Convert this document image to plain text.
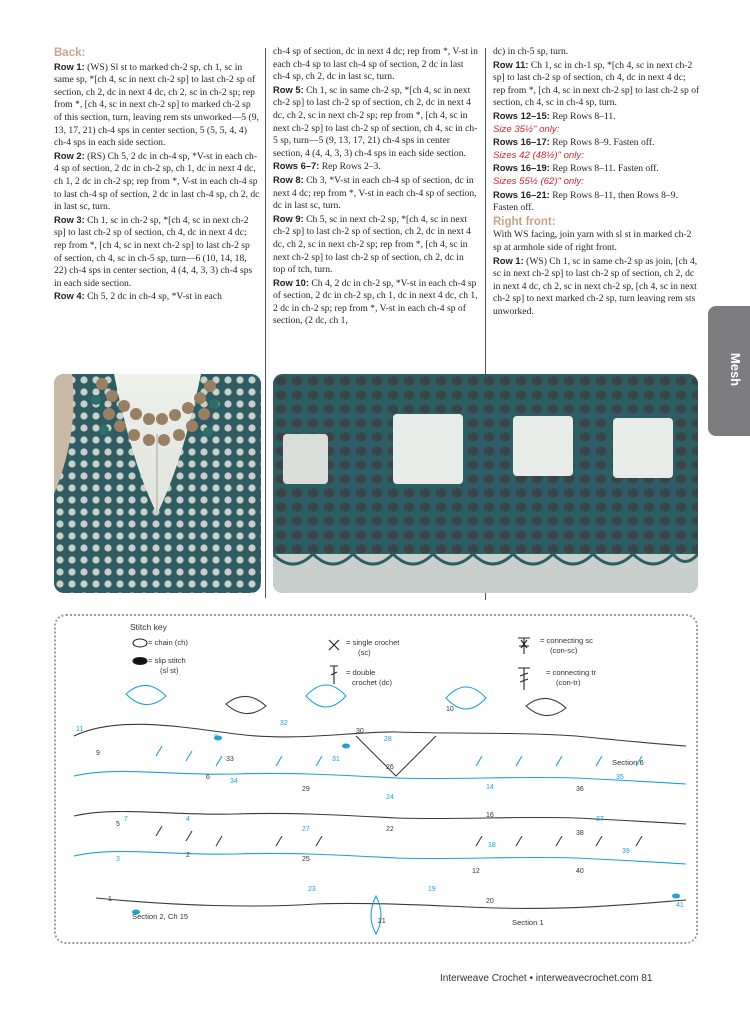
Back:

Row 1: (WS) Sl st to marked ch-2 sp, ch 1, sc in same sp, *[ch 4, sc in next ch-2 sp] to last ch-2 sp of section, ch 2, dc in next 4 dc, ch 2, sc in ch-2 sp; rep from *, [ch 4, sc in next ch-2 sp] to marked ch-2 sp of this section, turn, leaving rem sts unworked—5 (9, 13, 17, 21) ch-4 sps in center section, 5 (5, 5, 4, 4) ch-4 sps in each side section.

Row 2: (RS) Ch 5, 2 dc in ch-4 sp, *V-st in each ch-4 sp of section, 2 dc in ch-2 sp, ch 1, dc in next 4 dc, ch 1, 2 dc in ch-2 sp; rep from *, V-st in each ch-4 sp to last ch-4 sp of section, 2 dc in last ch-4 sp, ch 2, dc in last sc, turn.

Row 3: Ch 1, sc in ch-2 sp, *[ch 4, sc in next ch-2 sp] to last ch-2 sp of section, ch 4, dc in next 4 dc; rep from *, [ch 4, sc in next ch-2 sp] to last ch-2 sp of section, ch 4, sc in ch-5 sp, turn—6 (10, 14, 18, 22) ch-4 sps in center section, 4 (4, 4, 3, 3) ch-4 sps in each side section.

Row 4: Ch 5, 2 dc in ch-4 sp, *V-st in each

ch-4 sp of section, dc in next 4 dc; rep from *, V-st in each ch-4 sp to last ch-4 sp of section, 2 dc in last ch-4 sp, ch 2, dc in last sc, turn.

Row 5: Ch 1, sc in same ch-2 sp, *[ch 4, sc in next ch-2 sp] to last ch-2 sp of section, ch 2, dc in next 4 dc, ch 2, sc in next ch-2 sp; rep from *, [ch 4, sc in next ch-2 sp] to last ch-2 sp of section, ch 4, sc in ch-5 sp, turn—5 (9, 13, 17, 21) ch-4 sps in center section, 4 (4, 4, 3, 3) ch-4 sps in each side section.

Rows 6–7: Rep Rows 2–3.

Row 8: Ch 3, *V-st in each ch-4 sp of section, dc in next 4 dc; rep from *, V-st in each ch-4 sp of section, dc in last sc, turn.

Row 9: Ch 5, sc in next ch-2 sp, *[ch 4, sc in next ch-2 sp] to last ch-2 sp of section, ch 2, dc in next 4 dc, ch 2, sc in next ch-2 sp; rep from *, [ch 4, sc in next ch-2 sp] to last ch-2 sp of section, ch 2, dc in top of tch, turn.

Row 10: Ch 4, 2 dc in ch-2 sp, *V-st in each ch-4 sp of section, 2 dc in ch-2 sp, ch 1, dc in next 4 dc, ch 1, 2 dc in ch-2 sp; rep from *, V-st in each ch-4 sp of section, (2 dc, ch 1,

dc) in ch-5 sp, turn.

Row 11: Ch 1, sc in ch-1 sp, *[ch 4, sc in next ch-2 sp] to last ch-2 sp of section, ch 4, dc in next 4 dc; rep from *, [ch 4, sc in next ch-2 sp] to last ch-2 sp of section, ch 4, sc in ch-4 sp, turn.

Rows 12–15: Rep Rows 8–11.

Size 35½" only:

Rows 16–17: Rep Rows 8–9. Fasten off.

Sizes 42 (48½)" only:

Rows 16–19: Rep Rows 8–11. Fasten off.

Sizes 55½ (62)" only:

Rows 16–21: Rep Rows 8–11, then Rows 8–9. Fasten off.

Right front:

With WS facing, join yarn with sl st in marked ch-2 sp at armhole side of right front.

Row 1: (WS) Ch 1, sc in same ch-2 sp as join, [ch 4, sc in next ch-2 sp] to last ch-2 sp of section, ch 2, dc in next 4 dc, ch 2, sc in next ch-2 sp, [ch 4, sc in next ch-2 sp] to next marked ch-2 sp, turn leaving rem sts unworked.

Mesh
Stitch key
= chain (ch)
= slip stitch
(sl st)
= single crochet
(sc)
= double
crochet (dc)
= connecting sc
(con-sc)
= connecting tr
(con-tr)
Section 6
Section 2, Ch 15
Section 1
10
11
9
7
5
3
1
8
6
4
2
32
30
31
29
27
25
23
21
28
26
24
22
35
36
37
38
39
40
41
33
34
20
19
12
14
16
18
Interweave Crochet • interweavecrochet.com 81
